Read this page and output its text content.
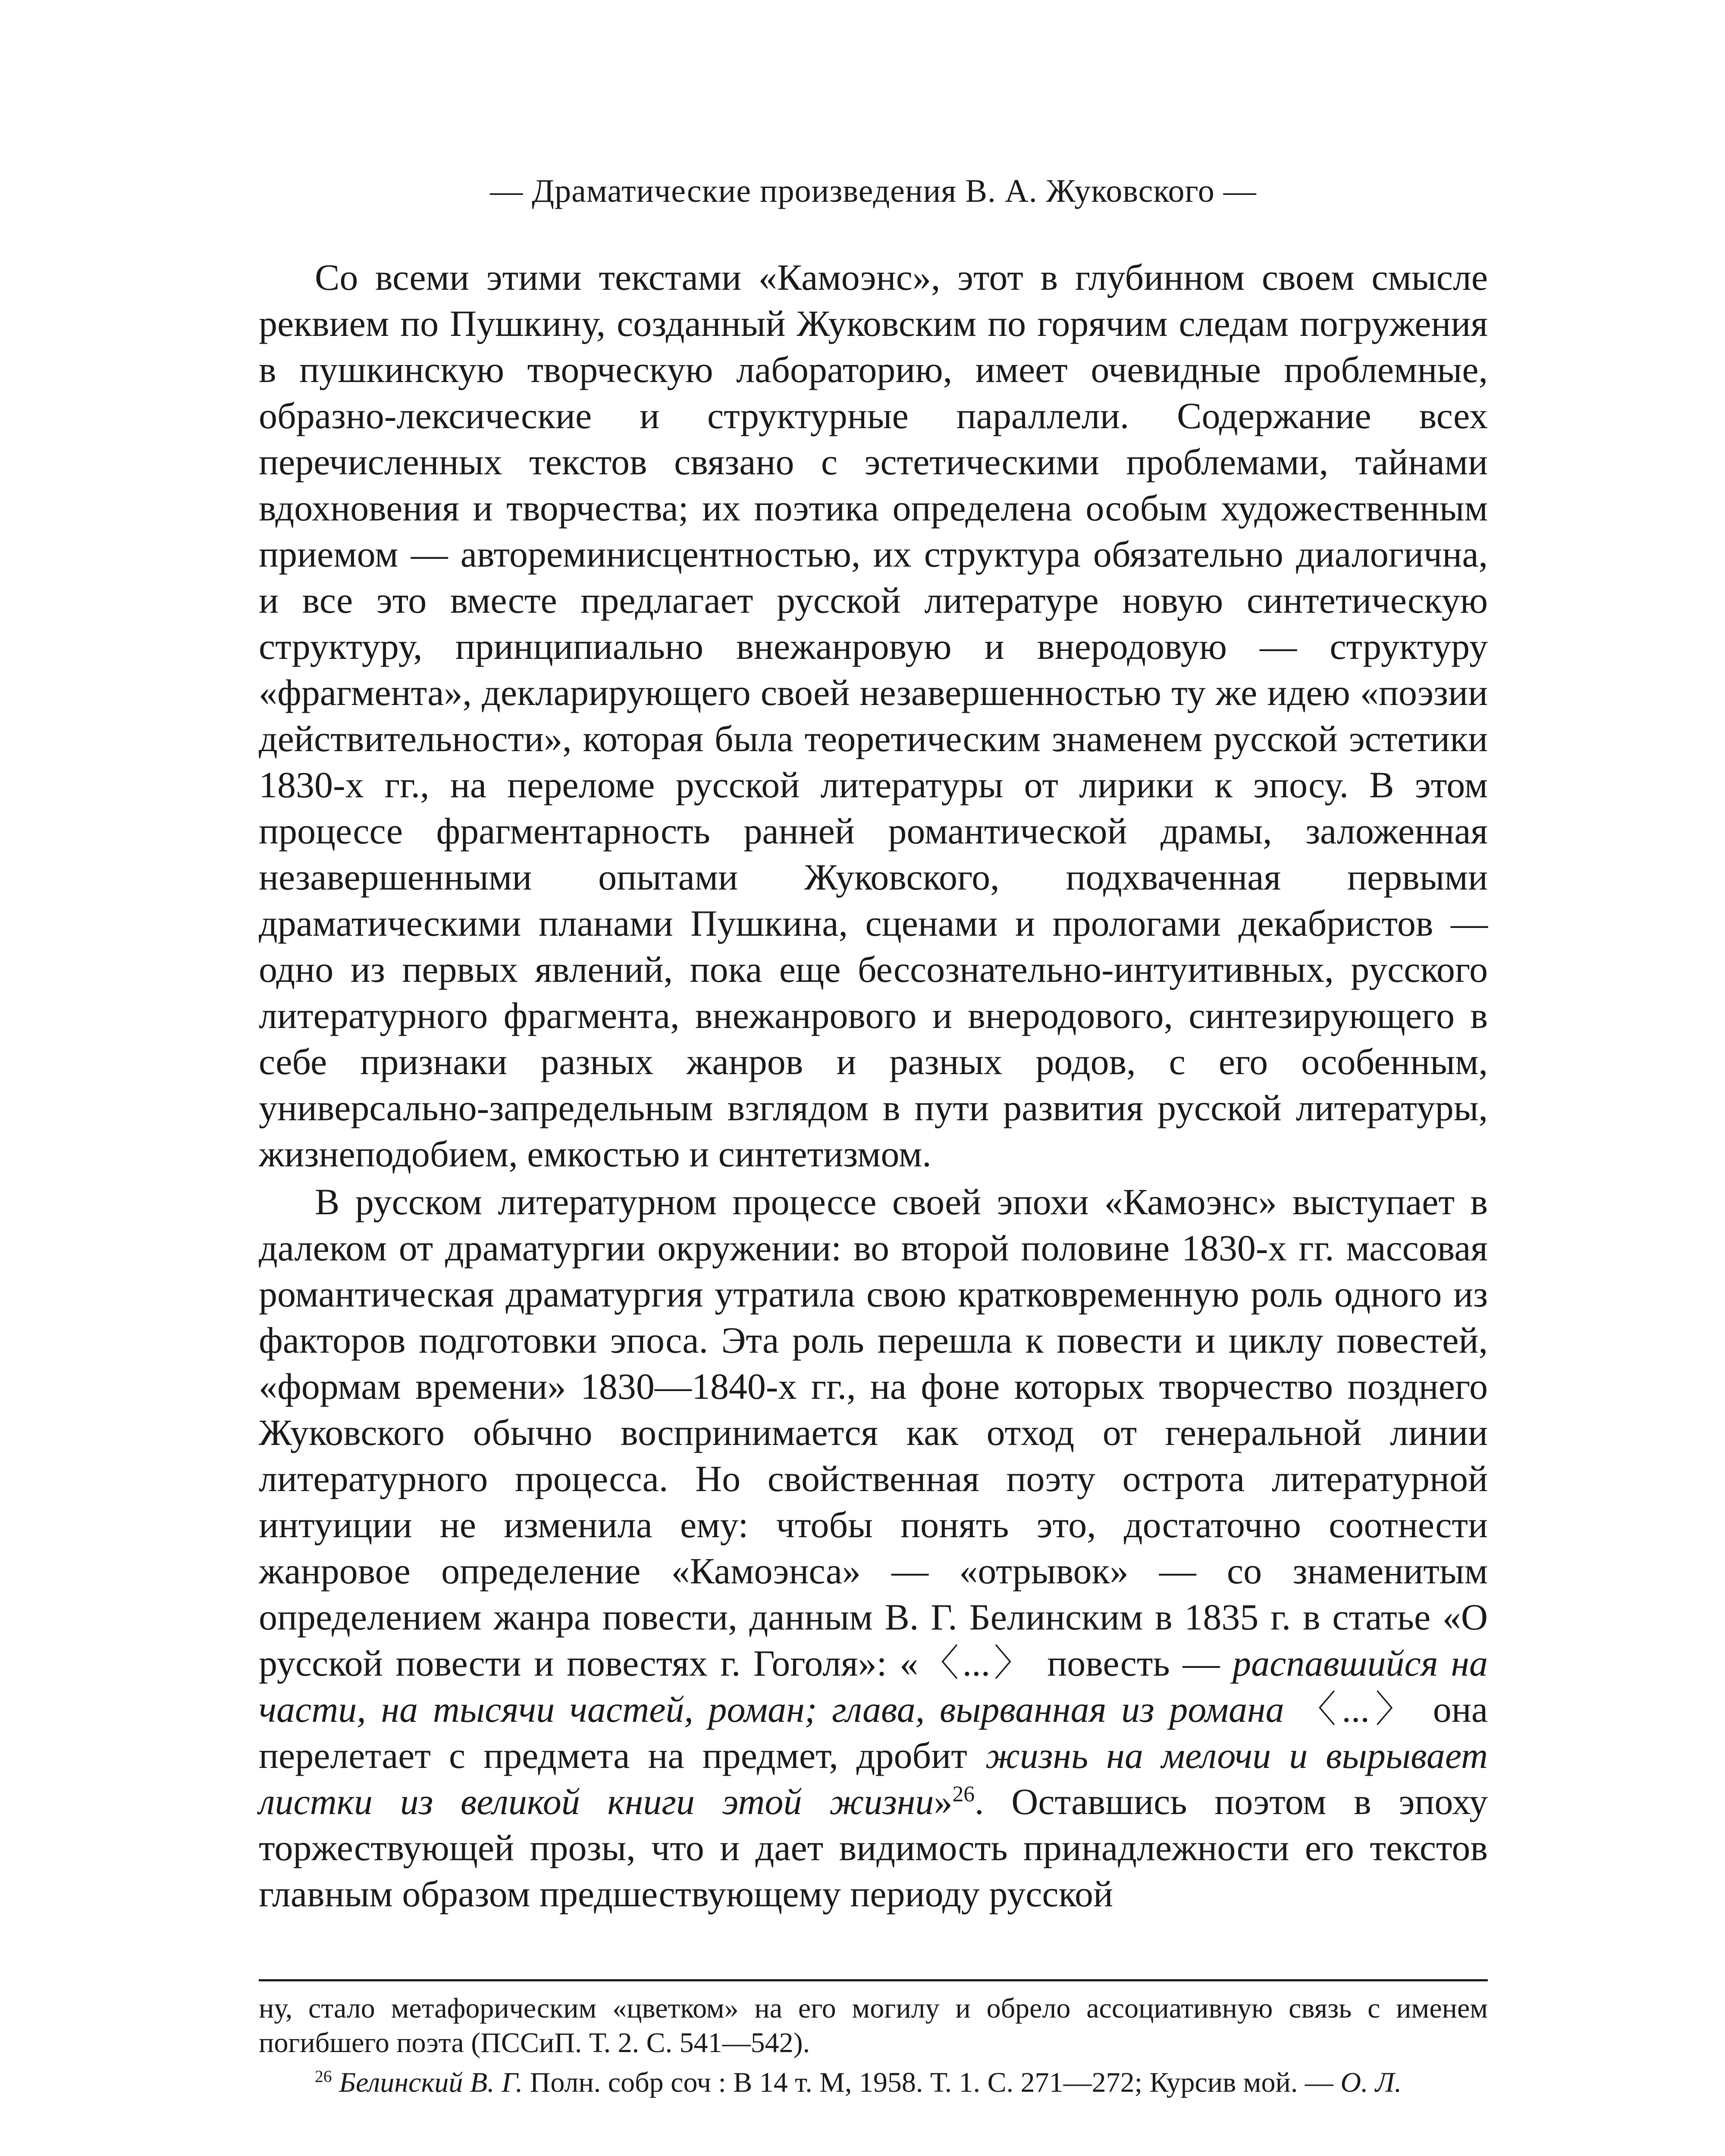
— Драматические произведения В. А. Жуковского —

Со всеми этими текстами «Камоэнс», этот в глубинном своем смысле реквием по Пушкину, созданный Жуковским по горячим следам погружения в пушкинскую творческую лабораторию, имеет очевидные проблемные, образно-лексические и структурные параллели. Содержание всех перечисленных текстов связано с эстетическими проблемами, тайнами вдохновения и творчества; их поэтика определена особым художественным приемом — автореминисцентностью, их структура обязательно диалогична, и все это вместе предлагает русской литературе новую синтетическую структуру, принципиально внежанровую и внеродовую — структуру «фрагмента», декларирующего своей незавершенностью ту же идею «поэзии действительности», которая была теоретическим знаменем русской эстетики 1830-х гг., на переломе русской литературы от лирики к эпосу. В этом процессе фрагментарность ранней романтической драмы, заложенная незавершенными опытами Жуковского, подхваченная первыми драматическими планами Пушкина, сценами и прологами декабристов — одно из первых явлений, пока еще бессознательно-интуитивных, русского литературного фрагмента, внежанрового и внеродового, синтезирующего в себе признаки разных жанров и разных родов, с его особенным, универсально-запредельным взглядом в пути развития русской литературы, жизнеподобием, емкостью и синтетизмом.

В русском литературном процессе своей эпохи «Камоэнс» выступает в далеком от драматургии окружении: во второй половине 1830-х гг. массовая романтическая драматургия утратила свою кратковременную роль одного из факторов подготовки эпоса. Эта роль перешла к повести и циклу повестей, «формам времени» 1830—1840-х гг., на фоне которых творчество позднего Жуковского обычно воспринимается как отход от генеральной линии литературного процесса. Но свойственная поэту острота литературной интуиции не изменила ему: чтобы понять это, достаточно соотнести жанровое определение «Камоэнса» — «отрывок» — со знаменитым определением жанра повести, данным В. Г. Белинским в 1835 г. в статье «О русской повести и повестях г. Гоголя»: «〈...〉 повесть — распавшийся на части, на тысячи частей, роман; глава, вырванная из романа 〈...〉 она перелетает с предмета на предмет, дробит жизнь на мелочи и вырывает листки из великой книги этой жизни»$^{26}$. Оставшись поэтом в эпоху торжествующей прозы, что и дает видимость принадлежности его текстов главным образом предшествующему периоду русской

ну, стало метафорическим «цветком» на его могилу и обрело ассоциативную связь с именем погибшего поэта (ПССиП. Т. 2. С. 541—542).

$^{26}$ Белинский В. Г. Полн. собр соч : В 14 т. М, 1958. Т. 1. С. 271—272; Курсив мой. — О. Л.
